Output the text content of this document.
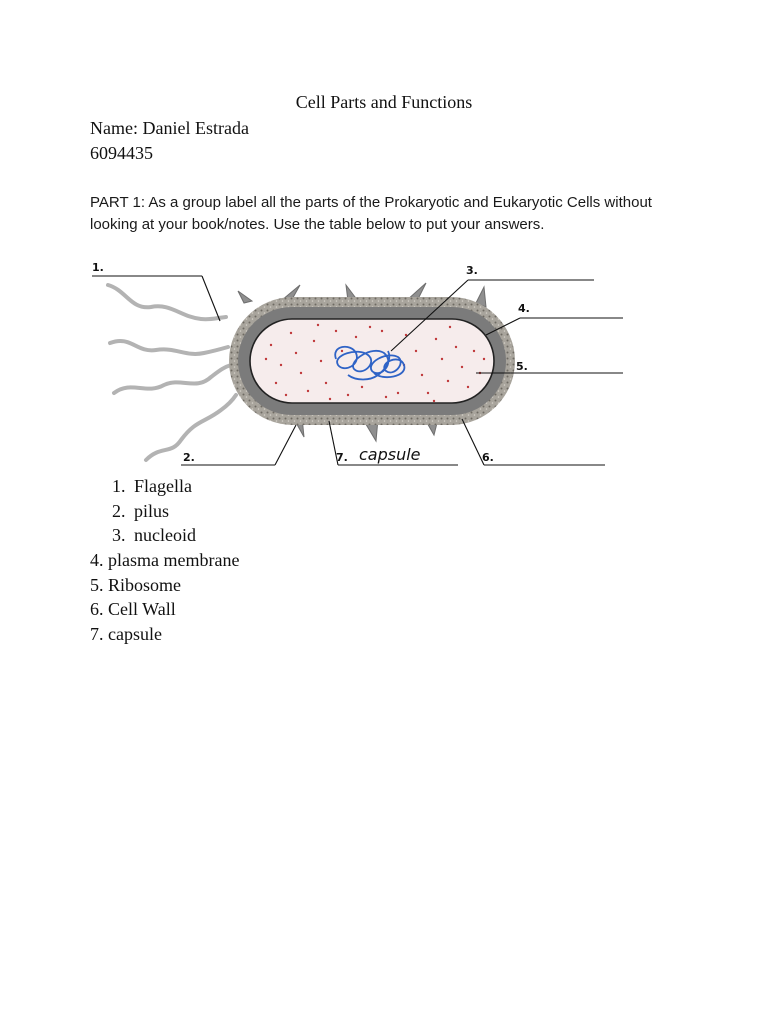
Cell Parts and Functions
Name: Daniel Estrada
6094435
PART 1: As a group label all the parts of the Prokaryotic and Eukaryotic Cells without looking at your book/notes. Use the table below to put your answers.
1.
2.
3.
4.
5.
6.
7. capsule
1. Flagella
2. pilus
3. nucleoid
4. plasma membrane
5. Ribosome
6. Cell Wall
7. capsule
